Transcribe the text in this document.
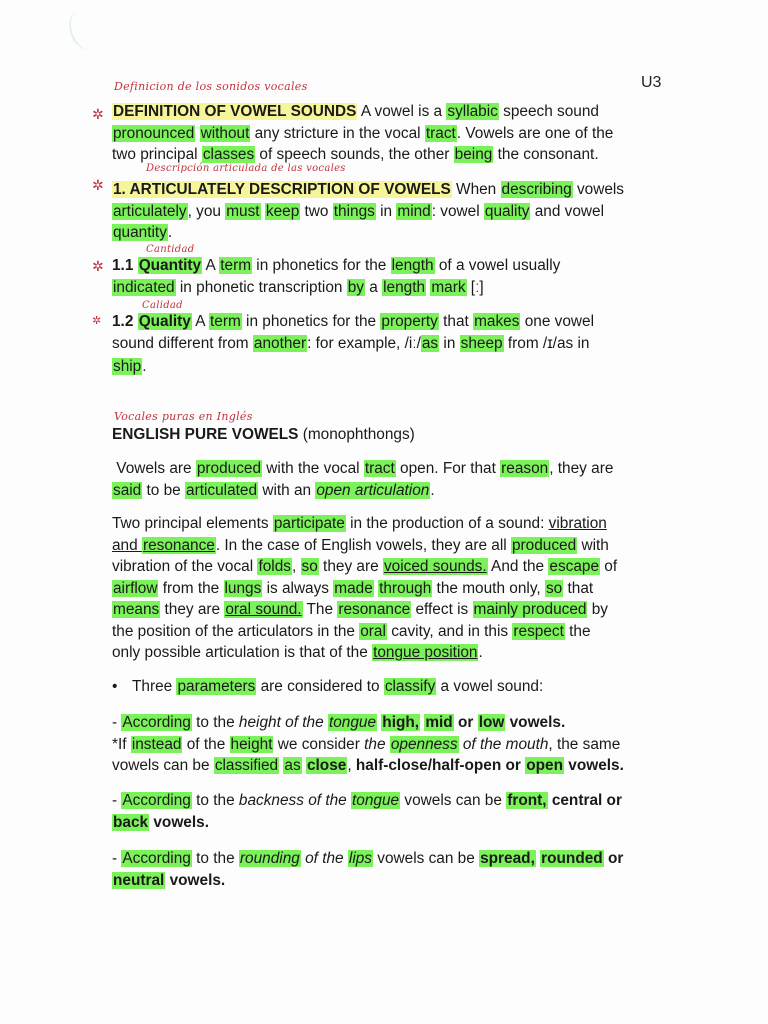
U3
Definicion de los sonidos vocales
Descripción articulada de las vocales
Cantidad
Calidad
Vocales puras en Inglés
✲
✲
✲
✲
DEFINITION OF VOWEL SOUNDS A vowel is a syllabic speech sound
pronounced without any stricture in the vocal tract. Vowels are one of the
two principal classes of speech sounds, the other being the consonant.
1. ARTICULATELY DESCRIPTION OF VOWELS When describing vowels
articulately, you must keep two things in mind: vowel quality and vowel
quantity.
1.1 Quantity A term in phonetics for the length of a vowel usually
indicated in phonetic transcription by a length mark [ː]
1.2 Quality A term in phonetics for the property that makes one vowel
sound different from another: for example, /iː/as in sheep from /ɪ/as in
ship.
ENGLISH PURE VOWELS (monophthongs)
Vowels are produced with the vocal tract open. For that reason, they are
said to be articulated with an open articulation.
Two principal elements participate in the production of a sound: vibration
and resonance. In the case of English vowels, they are all produced with
vibration of the vocal folds, so they are voiced sounds. And the escape of
airflow from the lungs is always made through the mouth only, so that
means they are oral sound. The resonance effect is mainly produced by
the position of the articulators in the oral cavity, and in this respect the
only possible articulation is that of the tongue position.
• Three parameters are considered to classify a vowel sound:
- According to the height of the tongue high, mid or low vowels.
*If instead of the height we consider the openness of the mouth, the same
vowels can be classified as close, half-close/half-open or open vowels.
- According to the backness of the tongue vowels can be front, central or
back vowels.
- According to the rounding of the lips vowels can be spread, rounded or
neutral vowels.
